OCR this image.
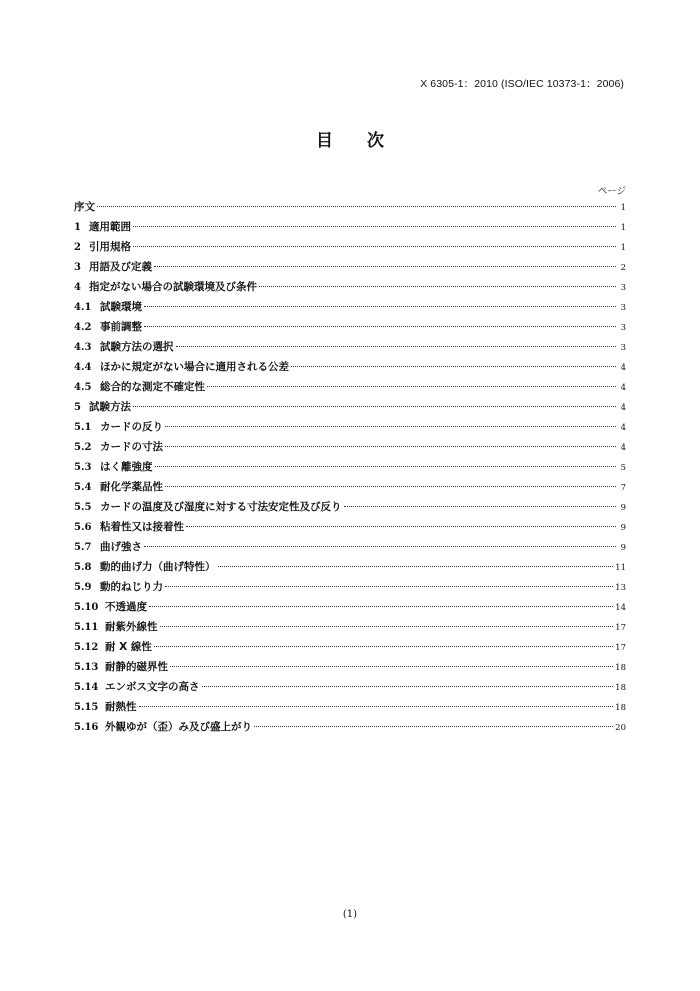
X 6305-1：2010 (ISO/IEC 10373-1：2006)
目 次
ページ
序文	1
1 適用範囲	1
2 引用規格	1
3 用語及び定義	2
4 指定がない場合の試験環境及び条件	3
4.1 試験環境	3
4.2 事前調整	3
4.3 試験方法の選択	3
4.4 ほかに規定がない場合に適用される公差	4
4.5 総合的な測定不確定性	4
5 試験方法	4
5.1 カードの反り	4
5.2 カードの寸法	4
5.3 はく離強度	5
5.4 耐化学薬品性	7
5.5 カードの温度及び湿度に対する寸法安定性及び反り	9
5.6 粘着性又は接着性	9
5.7 曲げ強さ	9
5.8 動的曲げ力（曲げ特性）	11
5.9 動的ねじり力	13
5.10 不透過度	14
5.11 耐紫外線性	17
5.12 耐 X 線性	17
5.13 耐静的磁界性	18
5.14 エンボス文字の高さ	18
5.15 耐熱性	18
5.16 外観ゆが（歪）み及び盛上がり	20
(1)
